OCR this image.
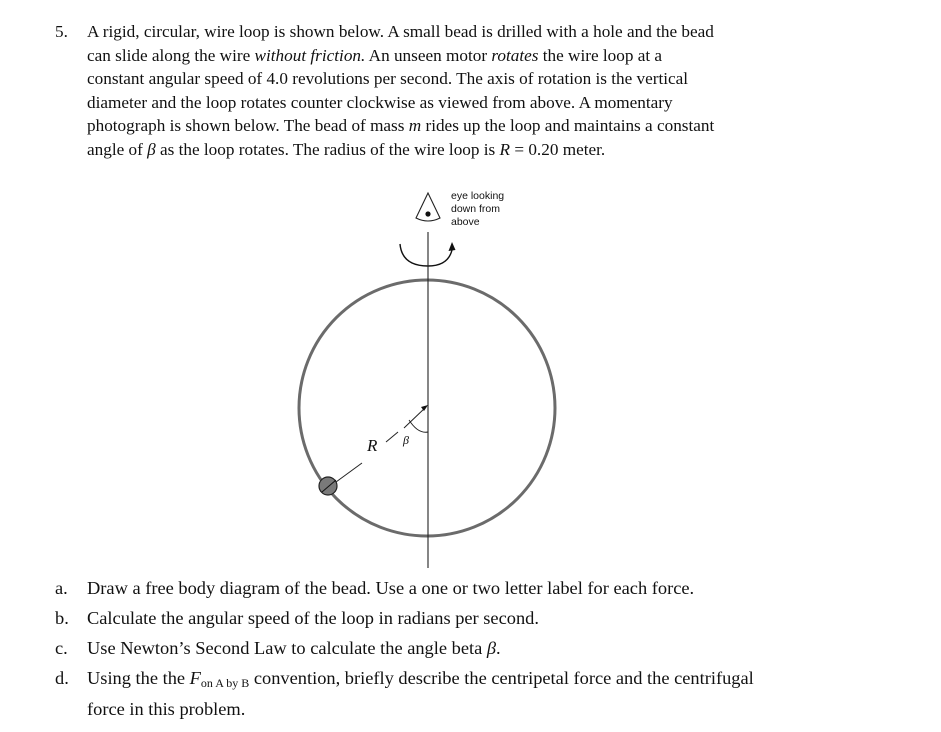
5. A rigid, circular, wire loop is shown below. A small bead is drilled with a hole and the bead
can slide along the wire without friction. An unseen motor rotates the wire loop at a
constant angular speed of 4.0 revolutions per second. The axis of rotation is the vertical
diameter and the loop rotates counter clockwise as viewed from above. A momentary
photograph is shown below. The bead of mass m rides up the loop and maintains a constant
angle of β as the loop rotates. The radius of the wire loop is R = 0.20 meter.
eye looking
down from
above
R β
a. Draw a free body diagram of the bead. Use a one or two letter label for each force.
b. Calculate the angular speed of the loop in radians per second.
c. Use Newton’s Second Law to calculate the angle beta β.
d. Using the the $F_{on A by B}$ convention, briefly describe the centripetal force and the centrifugal
force in this problem.
